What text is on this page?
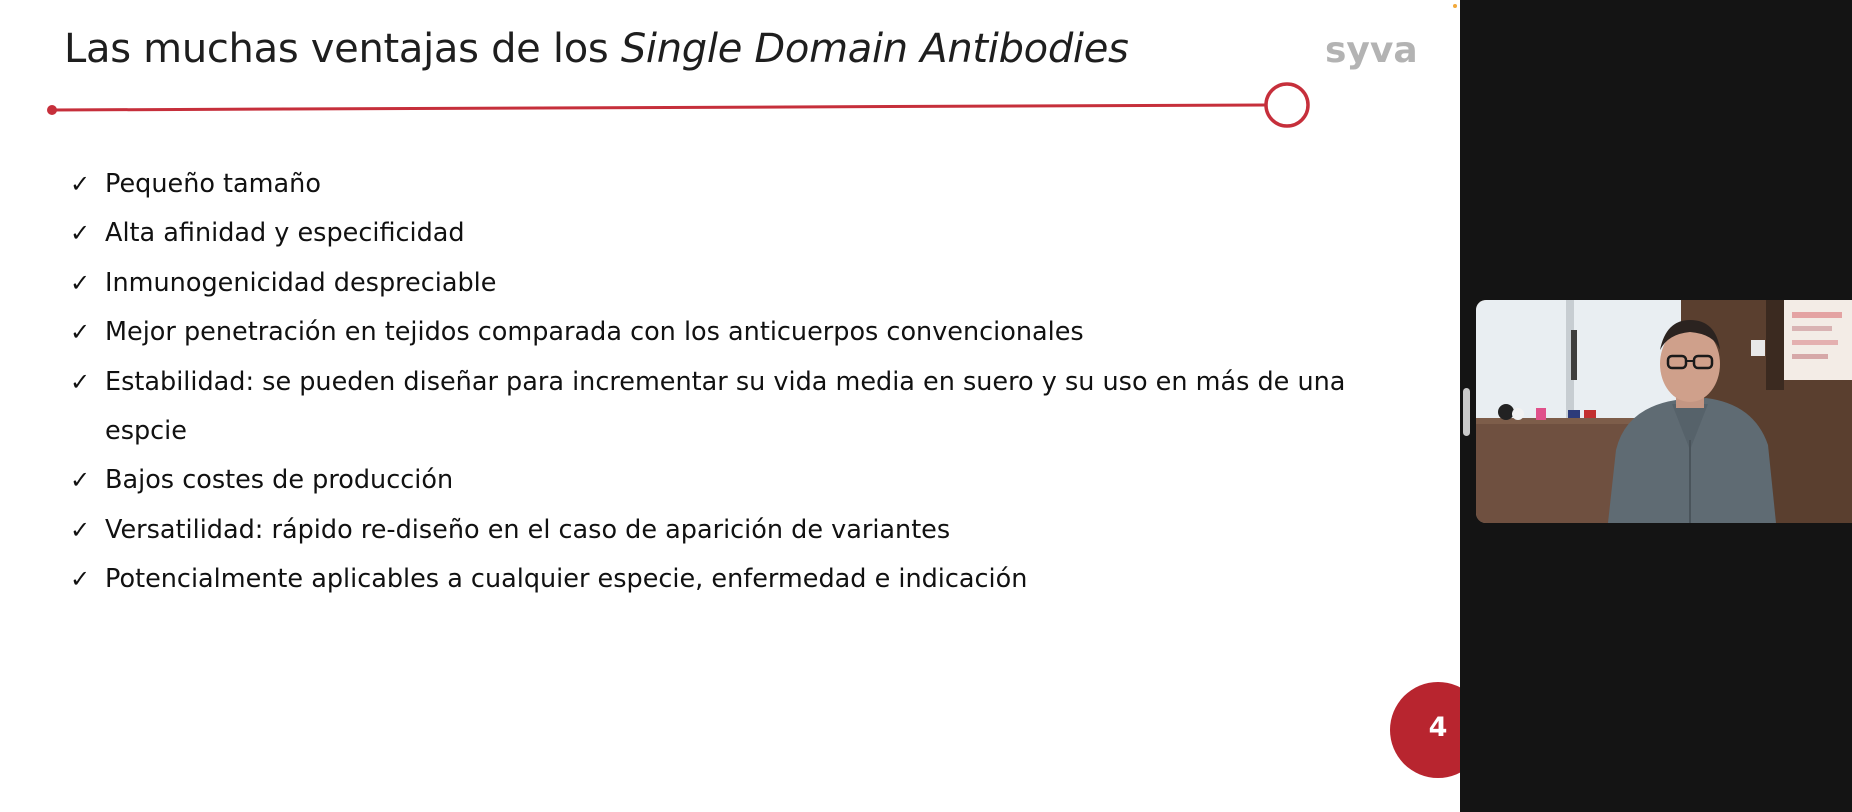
Las muchas ventajas de los Single Domain Antibodies	syva
✓ Pequeño tamaño
✓ Alta afinidad y especificidad
✓ Inmunogenicidad despreciable
✓ Mejor penetración en tejidos comparada con los anticuerpos convencionales
✓ Estabilidad: se pueden diseñar para incrementar su vida media en suero y su uso en más de una espcie
✓ Bajos costes de producción
✓ Versatilidad: rápido re-diseño en el caso de aparición de variantes
✓ Potencialmente aplicables a cualquier especie, enfermedad e indicación
4
